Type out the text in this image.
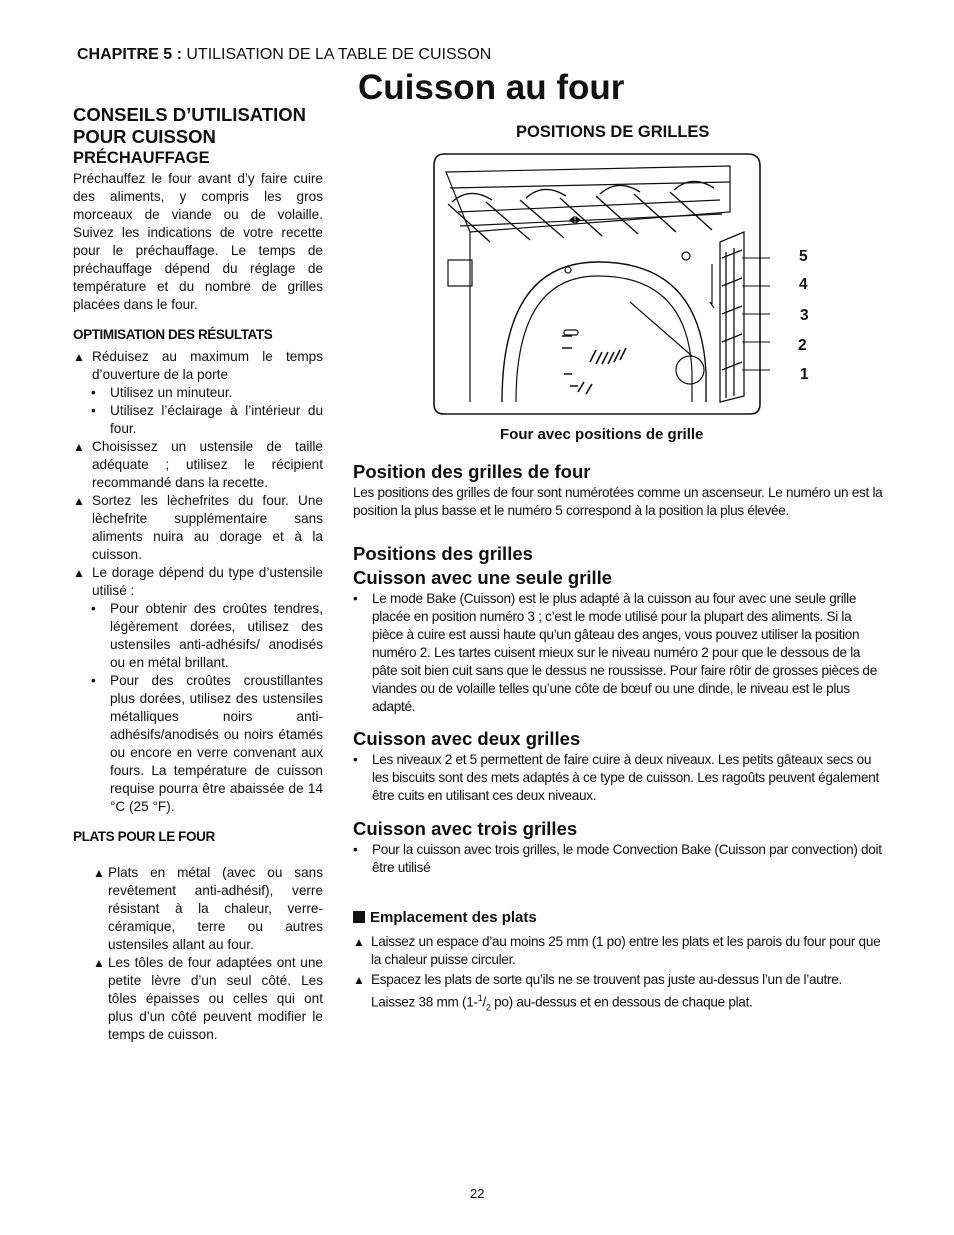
CHAPITRE 5 : UTILISATION DE LA TABLE DE CUISSON
Cuisson au four

CONSEILS D’UTILISATION

POUR CUISSON

PRÉCHAUFFAGE

Préchauffez le four avant d’y faire cuire des aliments, y compris les gros morceaux de viande ou de volaille. Suivez les indications de votre recette pour le préchauffage. Le temps de préchauffage dépend du réglage de température et du nombre de grilles placées dans le four.

OPTIMISATION DES RÉSULTATS

▲ Réduisez au maximum le temps d’ouverture de la porte
• Utilisez un minuteur.
• Utilisez l’éclairage à l’intérieur du four.
▲ Choisissez un ustensile de taille adéquate ; utilisez le récipient recommandé dans la recette.
▲ Sortez les lèchefrites du four. Une lèchefrite supplémentaire sans aliments nuira au dorage et à la cuisson.
▲ Le dorage dépend du type d’ustensile utilisé :
• Pour obtenir des croûtes tendres, légèrement dorées, utilisez des ustensiles anti-adhésifs/ anodisés ou en métal brillant.
• Pour des croûtes croustillantes plus dorées, utilisez des ustensiles métalliques noirs anti-adhésifs/anodisés ou noirs étamés ou encore en verre convenant aux fours. La température de cuisson requise pourra être abaissée de 14 °C (25 °F).

PLATS POUR LE FOUR

▲ Plats en métal (avec ou sans revêtement anti-adhésif), verre résistant à la chaleur, verre-céramique, terre ou autres ustensiles allant au four.
▲ Les tôles de four adaptées ont une petite lèvre d’un seul côté. Les tôles épaisses ou celles qui ont plus d’un côté peuvent modifier le temps de cuisson.
POSITIONS DE GRILLES
5
4
3
2
1
Four avec positions de grille

Position des grilles de four

Les positions des grilles de four sont numérotées comme un ascenseur. Le numéro un est la position la plus basse et le numéro 5 correspond à la position la plus élevée.

Positions des grilles

Cuisson avec une seule grille

• Le mode Bake (Cuisson) est le plus adapté à la cuisson au four avec une seule grille placée en position numéro 3 ; c’est le mode utilisé pour la plupart des aliments. Si la pièce à cuire est aussi haute qu’un gâteau des anges, vous pouvez utiliser la position numéro 2. Les tartes cuisent mieux sur le niveau numéro 2 pour que le dessous de la pâte soit bien cuit sans que le dessus ne roussisse. Pour faire rôtir de grosses pièces de viandes ou de volaille telles qu’une côte de bœuf ou une dinde, le niveau est le plus adapté.

Cuisson avec deux grilles

• Les niveaux 2 et 5 permettent de faire cuire à deux niveaux. Les petits gâteaux secs ou les biscuits sont des mets adaptés à ce type de cuisson. Les ragoûts peuvent également être cuits en utilisant ces deux niveaux.

Cuisson avec trois grilles

• Pour la cuisson avec trois grilles, le mode Convection Bake (Cuisson par convection) doit être utilisé

Emplacement des plats

▲ Laissez un espace d’au moins 25 mm (1 po) entre les plats et les parois du four pour que la chaleur puisse circuler.

▲ Espacez les plats de sorte qu’ils ne se trouvent pas juste au-dessus l’un de l’autre. Laissez 38 mm ($1-^1/_2$ po) au-dessus et en dessous de chaque plat.

22
